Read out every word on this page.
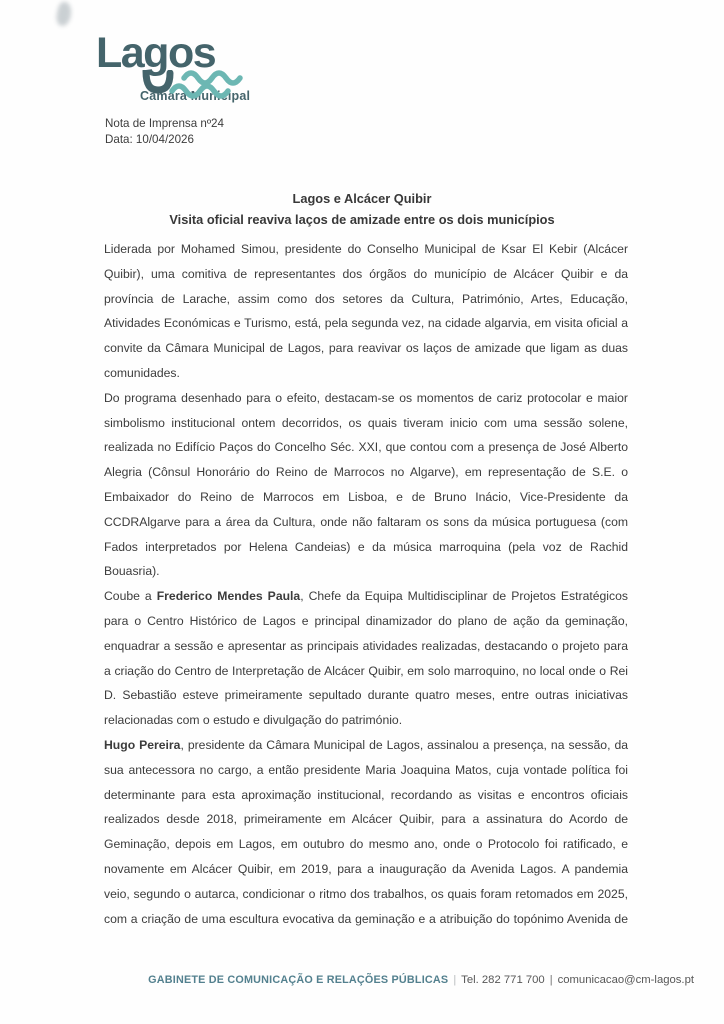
Lagos
Câmara Municipal
Nota de Imprensa nº24
Data: 10/04/2026
Lagos e Alcácer Quibir
Visita oficial reaviva laços de amizade entre os dois municípios

Liderada por Mohamed Simou, presidente do Conselho Municipal de Ksar El Kebir (Alcácer Quibir), uma comitiva de representantes dos órgãos do município de Alcácer Quibir e da província de Larache, assim como dos setores da Cultura, Património, Artes, Educação, Atividades Económicas e Turismo, está, pela segunda vez, na cidade algarvia, em visita oficial a convite da Câmara Municipal de Lagos, para reavivar os laços de amizade que ligam as duas comunidades.

Do programa desenhado para o efeito, destacam-se os momentos de cariz protocolar e maior simbolismo institucional ontem decorridos, os quais tiveram inicio com uma sessão solene, realizada no Edifício Paços do Concelho Séc. XXI, que contou com a presença de José Alberto Alegria (Cônsul Honorário do Reino de Marrocos no Algarve), em representação de S.E. o Embaixador do Reino de Marrocos em Lisboa, e de Bruno Inácio, Vice-Presidente da CCDRAlgarve para a área da Cultura, onde não faltaram os sons da música portuguesa (com Fados interpretados por Helena Candeias) e da música marroquina (pela voz de Rachid Bouasria).

Coube a Frederico Mendes Paula, Chefe da Equipa Multidisciplinar de Projetos Estratégicos para o Centro Histórico de Lagos e principal dinamizador do plano de ação da geminação, enquadrar a sessão e apresentar as principais atividades realizadas, destacando o projeto para a criação do Centro de Interpretação de Alcácer Quibir, em solo marroquino, no local onde o Rei D. Sebastião esteve primeiramente sepultado durante quatro meses, entre outras iniciativas relacionadas com o estudo e divulgação do património.

Hugo Pereira, presidente da Câmara Municipal de Lagos, assinalou a presença, na sessão, da sua antecessora no cargo, a então presidente Maria Joaquina Matos, cuja vontade política foi determinante para esta aproximação institucional, recordando as visitas e encontros oficiais realizados desde 2018, primeiramente em Alcácer Quibir, para a assinatura do Acordo de Geminação, depois em Lagos, em outubro do mesmo ano, onde o Protocolo foi ratificado, e novamente em Alcácer Quibir, em 2019, para a inauguração da Avenida Lagos. A pandemia veio, segundo o autarca, condicionar o ritmo dos trabalhos, os quais foram retomados em 2025, com a criação de uma escultura evocativa da geminação e a atribuição do topónimo Avenida de

GABINETE DE COMUNICAÇÃO E RELAÇÕES PÚBLICAS | Tel. 282 771 700 | comunicacao@cm-lagos.pt
